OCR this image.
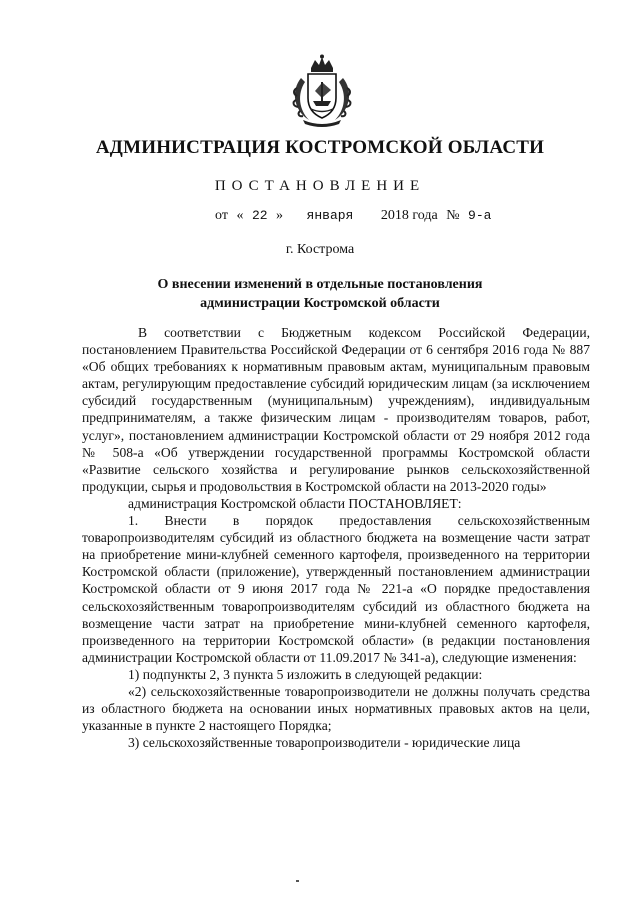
АДМИНИСТРАЦИЯ КОСТРОМСКОЙ ОБЛАСТИ
ПОСТАНОВЛЕНИЕ
от « 22 » января 2018 года № 9-а
г. Кострома
О внесении изменений в отдельные постановления
администрации Костромской области

В соответствии с Бюджетным кодексом Российской Федерации, постановлением Правительства Российской Федерации от 6 сентября 2016 года № 887 «Об общих требованиях к нормативным правовым актам, муниципальным правовым актам, регулирующим предоставление субсидий юридическим лицам (за исключением субсидий государственным (муниципальным) учреждениям), индивидуальным предпринимателям, а также физическим лицам - производителям товаров, работ, услуг», постановлением администрации Костромской области от 29 ноября 2012 года № 508-а «Об утверждении государственной программы Костромской области «Развитие сельского хозяйства и регулирование рынков сельскохозяйственной продукции, сырья и продовольствия в Костромской области на 2013-2020 годы»

администрация Костромской области ПОСТАНОВЛЯЕТ:

1. Внести в порядок предоставления сельскохозяйственным товаропроизводителям субсидий из областного бюджета на возмещение части затрат на приобретение мини-клубней семенного картофеля, произведенного на территории Костромской области (приложение), утвержденный постановлением администрации Костромской области от 9 июня 2017 года № 221-а «О порядке предоставления сельскохозяйственным товаропроизводителям субсидий из областного бюджета на возмещение части затрат на приобретение мини-клубней семенного картофеля, произведенного на территории Костромской области» (в редакции постановления администрации Костромской области от 11.09.2017 № 341-а), следующие изменения:

1) подпункты 2, 3 пункта 5 изложить в следующей редакции:

«2) сельскохозяйственные товаропроизводители не должны получать средства из областного бюджета на основании иных нормативных правовых актов на цели, указанные в пункте 2 настоящего Порядка;

3) сельскохозяйственные товаропроизводители - юридические лица
